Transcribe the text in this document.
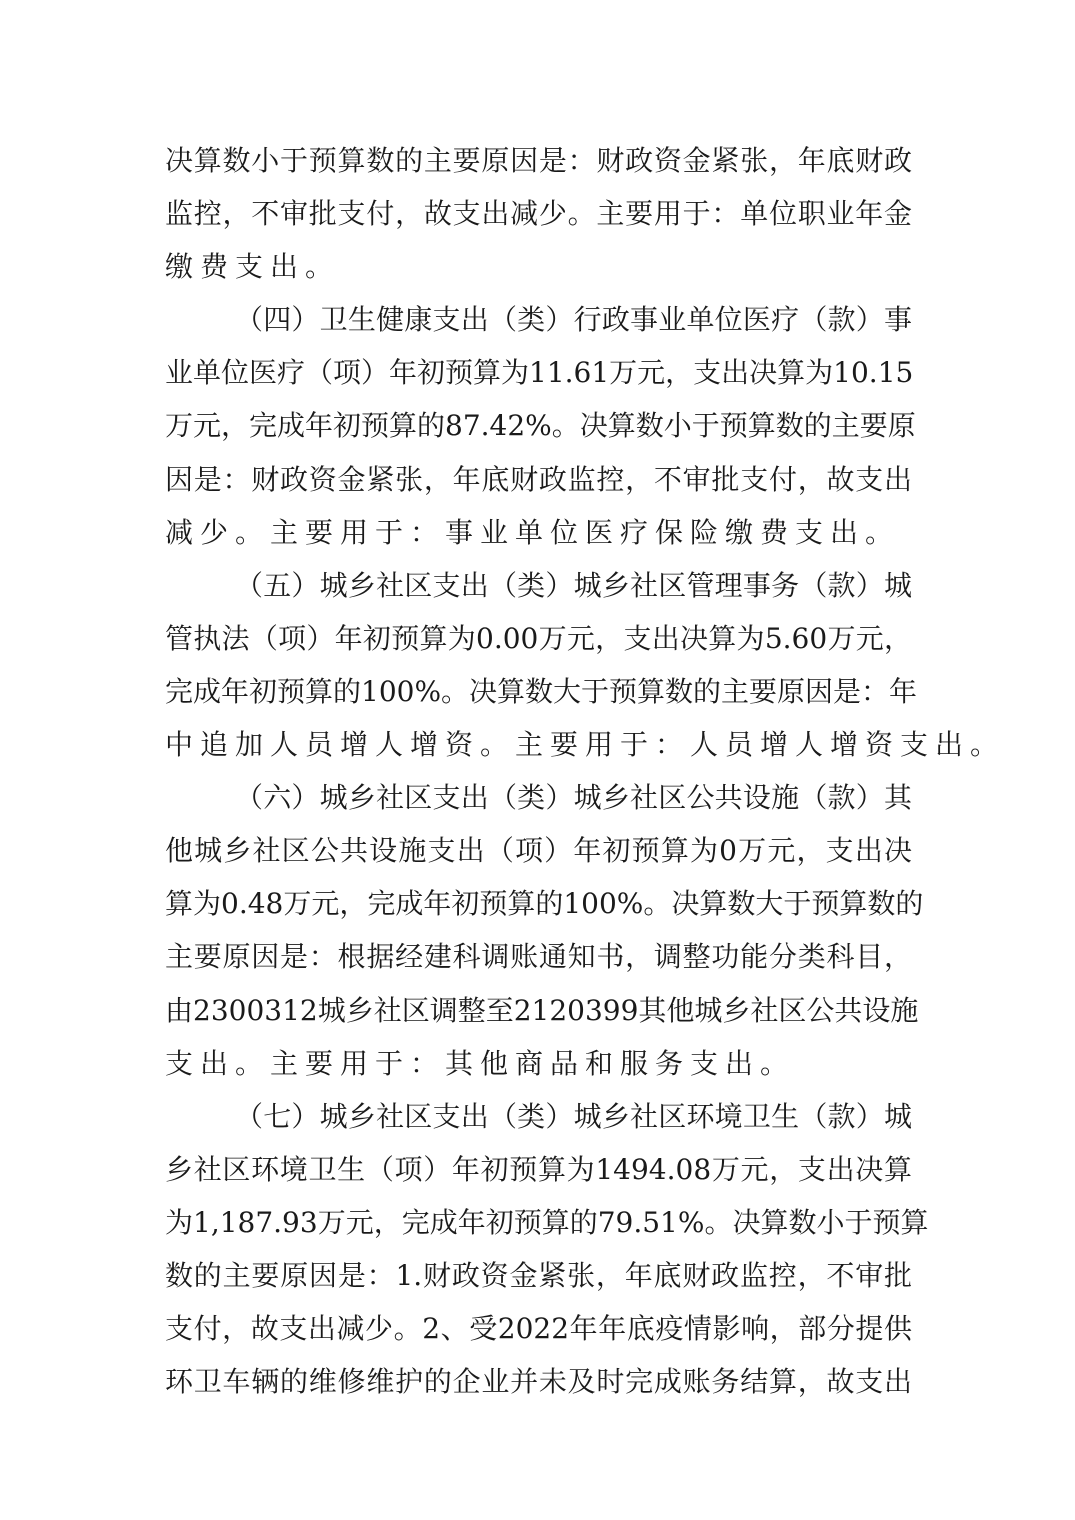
决算数小于预算数的主要原因是：财政资金紧张，年底财政
监控，不审批支付，故支出减少。主要用于：单位职业年金
缴费支出。
（四）卫生健康支出（类）行政事业单位医疗（款）事
业单位医疗（项）年初预算为11.61万元，支出决算为10.15
万元，完成年初预算的87.42%。决算数小于预算数的主要原
因是：财政资金紧张，年底财政监控，不审批支付，故支出
减少。主要用于：事业单位医疗保险缴费支出。
（五）城乡社区支出（类）城乡社区管理事务（款）城
管执法（项）年初预算为0.00万元，支出决算为5.60万元，
完成年初预算的100%。决算数大于预算数的主要原因是：年
中追加人员增人增资。主要用于：人员增人增资支出。
（六）城乡社区支出（类）城乡社区公共设施（款）其
他城乡社区公共设施支出（项）年初预算为0万元，支出决
算为0.48万元，完成年初预算的100%。决算数大于预算数的
主要原因是：根据经建科调账通知书，调整功能分类科目，
由2300312城乡社区调整至2120399其他城乡社区公共设施
支出。主要用于：其他商品和服务支出。
（七）城乡社区支出（类）城乡社区环境卫生（款）城
乡社区环境卫生（项）年初预算为1494.08万元，支出决算
为1,187.93万元，完成年初预算的79.51%。决算数小于预算
数的主要原因是：1.财政资金紧张，年底财政监控，不审批
支付，故支出减少。2、受2022年年底疫情影响，部分提供
环卫车辆的维修维护的企业并未及时完成账务结算，故支出
